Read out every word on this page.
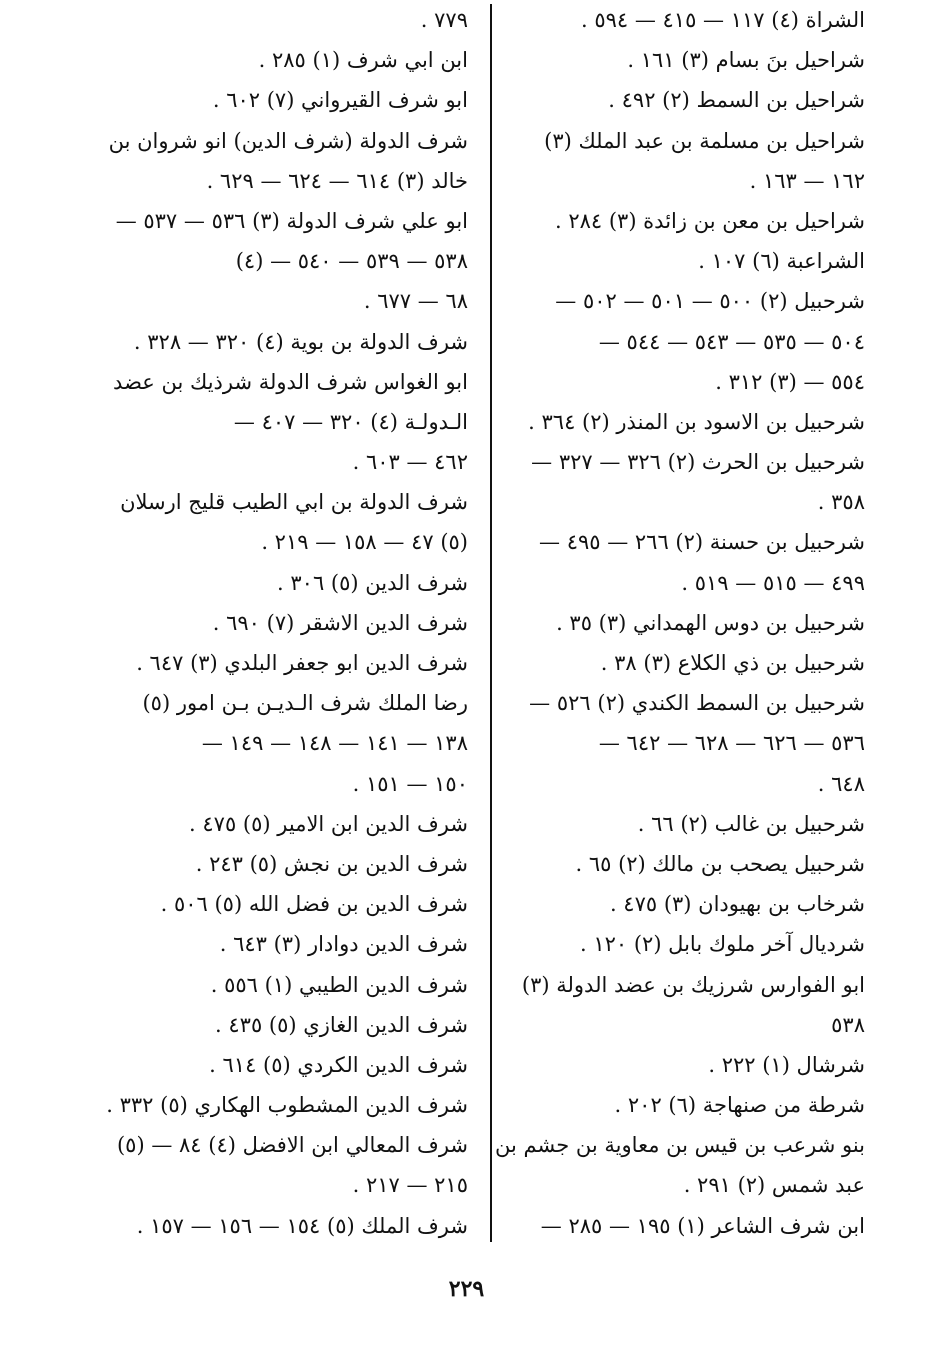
الشراة (٤) ١١٧ — ٤١٥ — ٥٩٤ .
شراحيل بنَ بسام (٣) ١٦١ .
شراحيل بن السمط (٢) ٤٩٢ .
شراحيل بن مسلمة بن عبد الملك (٣)
١٦٢ — ١٦٣ .
شراحيل بن معن بن زائدة (٣) ٢٨٤ .
الشراعبة (٦) ١٠٧ .
شرحبيل (٢) ٥٠٠ — ٥٠١ — ٥٠٢ —
٥٠٤ — ٥٣٥ — ٥٤٣ — ٥٤٤ —
٥٥٤ — (٣) ٣١٢ .
شرحبيل بن الاسود بن المنذر (٢) ٣٦٤ .
شرحبيل بن الحرث (٢) ٣٢٦ — ٣٢٧ —
٣٥٨ .
شرحبيل بن حسنة (٢) ٢٦٦ — ٤٩٥ —
٤٩٩ — ٥١٥ — ٥١٩ .
شرحبيل بن دوس الهمداني (٣) ٣٥ .
شرحبيل بن ذي الكلاع (٣) ٣٨ .
شرحبيل بن السمط الكندي (٢) ٥٢٦ —
٥٣٦ — ٦٢٦ — ٦٢٨ — ٦٤٢ —
٦٤٨ .
شرحبيل بن غالب (٢) ٦٦ .
شرحبيل يصحب بن مالك (٢) ٦٥ .
شرخاب بن بهيودان (٣) ٤٧٥ .
شرديال آخر ملوك بابل (٢) ١٢٠ .
ابو الفوارس شرزيك بن عضد الدولة (٣)
٥٣٨
شرشال (١) ٢٢٢ .
شرطة من صنهاجة (٦) ٢٠٢ .
بنو شرعب بن قيس بن معاوية بن جشم بن
عبد شمس (٢) ٢٩١ .
ابن شرف الشاعر (١) ١٩٥ — ٢٨٥ —
٧٧٩ .
ابن ابي شرف (١) ٢٨٥ .
ابو شرف القيرواني (٧) ٦٠٢ .
شرف الدولة (شرف الدين) انو شروان بن
خالد (٣) ٦١٤ — ٦٢٤ — ٦٢٩ .
ابو علي شرف الدولة (٣) ٥٣٦ — ٥٣٧ —
٥٣٨ — ٥٣٩ — ٥٤٠ — (٤)
٦٨ — ٦٧٧ .
شرف الدولة بن بوية (٤) ٣٢٠ — ٣٢٨ .
ابو الغواس شرف الدولة شرذيك بن عضد
الـدولـة (٤) ٣٢٠ — ٤٠٧ —
٤٦٢ — ٦٠٣ .
شرف الدولة بن ابي الطيب قليج ارسلان
(٥) ٤٧ — ١٥٨ — ٢١٩ .
شرف الدين (٥) ٣٠٦ .
شرف الدين الاشقر (٧) ٦٩٠ .
شرف الدين ابو جعفر البلدي (٣) ٦٤٧ .
رضا الملك شرف الـديـن بـن امور (٥)
١٣٨ — ١٤١ — ١٤٨ — ١٤٩ —
١٥٠ — ١٥١ .
شرف الدين ابن الامير (٥) ٤٧٥ .
شرف الدين بن نجش (٥) ٢٤٣ .
شرف الدين بن فضل الله (٥) ٥٠٦ .
شرف الدين دوادار (٣) ٦٤٣ .
شرف الدين الطيبي (١) ٥٥٦ .
شرف الدين الغازي (٥) ٤٣٥ .
شرف الدين الكردي (٥) ٦١٤ .
شرف الدين المشطوب الهكاري (٥) ٣٣٢ .
شرف المعالي ابن الافضل (٤) ٨٤ — (٥)
٢١٥ — ٢١٧ .
شرف الملك (٥) ١٥٤ — ١٥٦ — ١٥٧ .
٢٢٩
